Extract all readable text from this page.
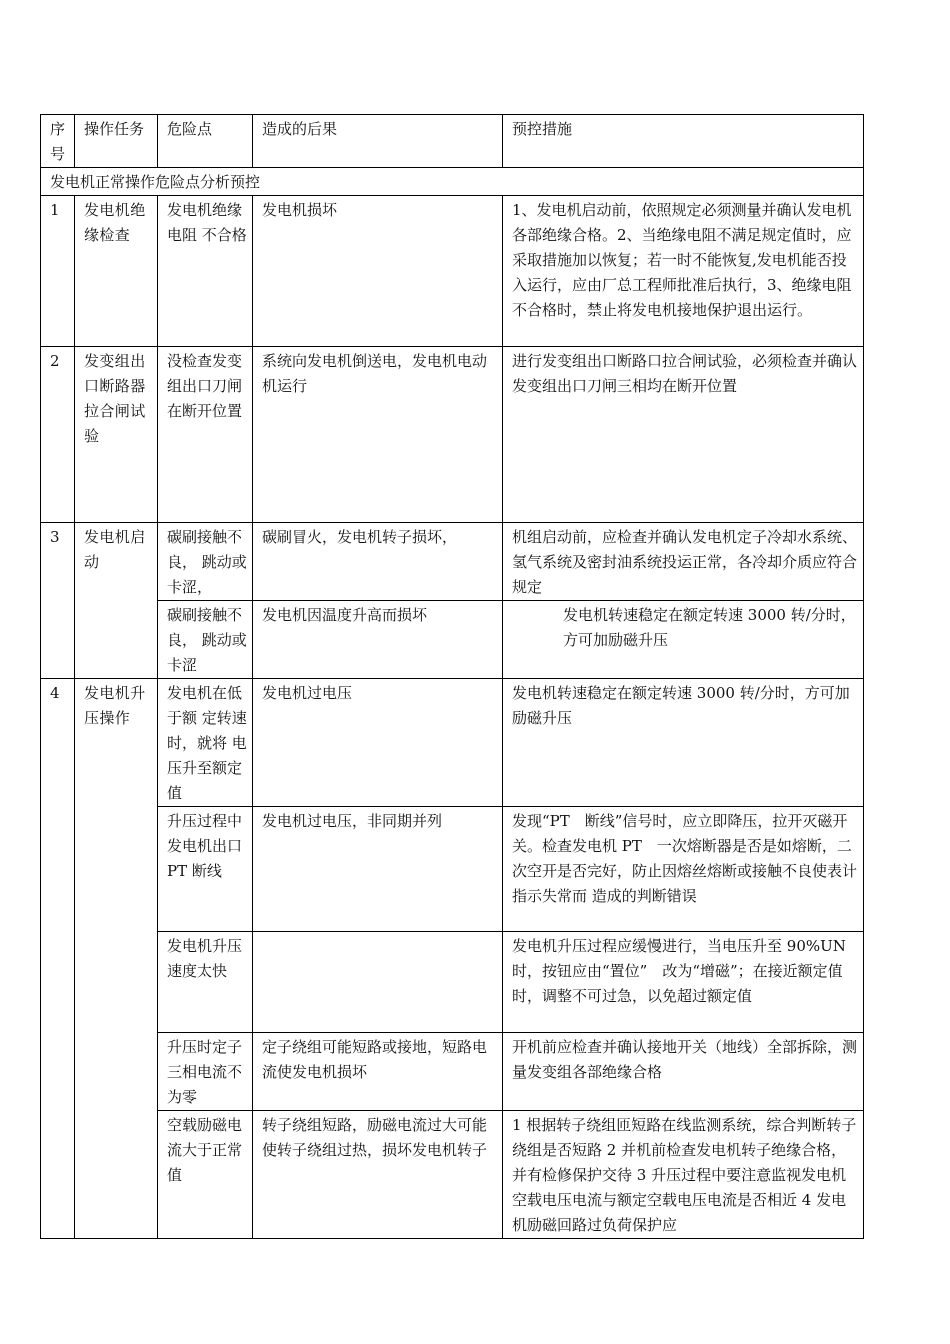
序号	操作任务	危险点	造成的后果	预控措施
发电机正常操作危险点分析预控				
1	发电机绝缘检查	发电机绝缘电阻 不合格	发电机损坏	1、发电机启动前，依照规定必须测量并确认发电机各部绝缘合格。2、当绝缘电阻不满足规定值时，应采取措施加以恢复；若一时不能恢复,发电机能否投入运行，应由厂总工程师批准后执行，3、绝缘电阻不合格时，禁止将发电机接地保护退出运行。
2	发变组出口断路器拉合闸试验	没检查发变组出口刀闸在断开位置	系统向发电机倒送电，发电机电动机运行	进行发变组出口断路口拉合闸试验，必须检查并确认发变组出口刀闸三相均在断开位置
3	发电机启动	碳刷接触不良， 跳动或卡涩，	碳刷冒火，发电机转子损坏，	机组启动前，应检查并确认发电机定子冷却水系统、氢气系统及密封油系统投运正常，各冷却介质应符合规定
		碳刷接触不良， 跳动或卡涩	发电机因温度升高而损坏	发电机转速稳定在额定转速 3000 转/分时，方可加励磁升压
4	发电机升压操作	发电机在低于额 定转速时，就将 电压升至额定值	发电机过电压	发电机转速稳定在额定转速 3000 转/分时，方可加励磁升压
		升压过程中发电机出口 PT 断线	发电机过电压，非同期并列	发现“PT　断线”信号时，应立即降压，拉开灭磁开关。检查发电机 PT　一次熔断器是否是如熔断，二次空开是否完好，防止因熔丝熔断或接触不良使表计指示失常而 造成的判断错误
		发电机升压速度太快		发电机升压过程应缓慢进行，当电压升至 90%UN　时，按钮应由“置位”　改为“增磁”；在接近额定值时，调整不可过急，以免超过额定值
		升压时定子三相电流不为零	定子绕组可能短路或接地，短路电流使发电机损坏	开机前应检查并确认接地开关（地线）全部拆除，测量发变组各部绝缘合格
		空载励磁电流大于正常值	转子绕组短路，励磁电流过大可能使转子绕组过热，损坏发电机转子	1 根据转子绕组匝短路在线监测系统，综合判断转子绕组是否短路 2 并机前检查发电机转子绝缘合格，并有检修保护交待 3 升压过程中要注意监视发电机空载电压电流与额定空载电压电流是否相近 4 发电机励磁回路过负荷保护应
